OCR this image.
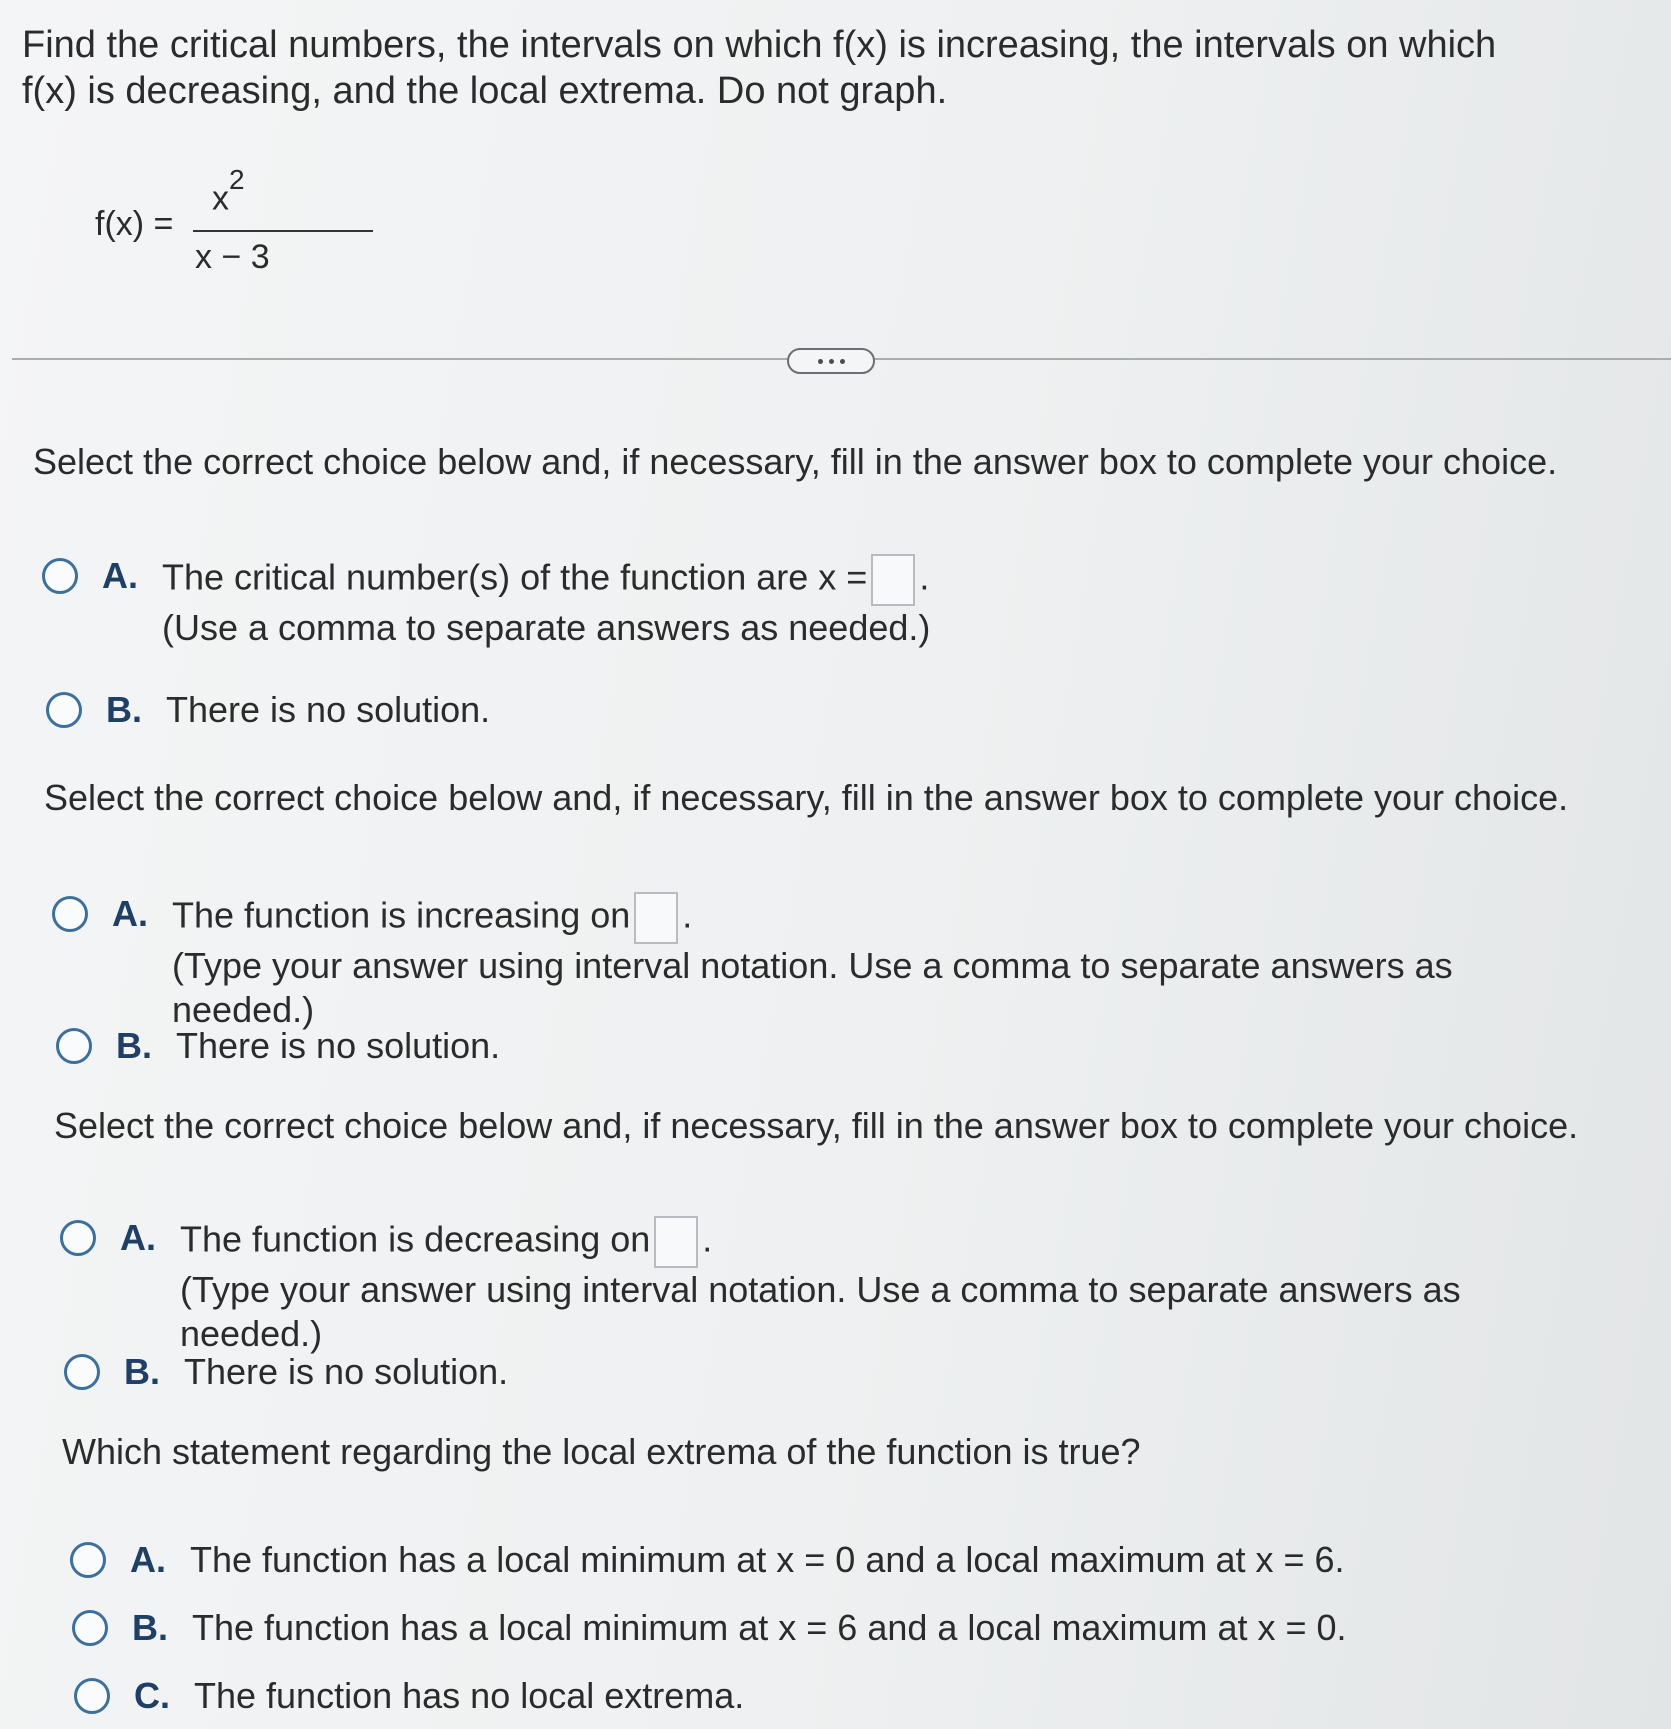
Find the critical numbers, the intervals on which f(x) is increasing, the intervals on which f(x) is decreasing, and the local extrema. Do not graph.
f(x) =
$x^2$
x − 3
Select the correct choice below and, if necessary, fill in the answer box to complete your choice.
A. The critical number(s) of the function are x = .
(Use a comma to separate answers as needed.)
B. There is no solution.
Select the correct choice below and, if necessary, fill in the answer box to complete your choice.
A. The function is increasing on .
(Type your answer using interval notation. Use a comma to separate answers as needed.)
B. There is no solution.
Select the correct choice below and, if necessary, fill in the answer box to complete your choice.
A. The function is decreasing on .
(Type your answer using interval notation. Use a comma to separate answers as needed.)
B. There is no solution.
Which statement regarding the local extrema of the function is true?
A. The function has a local minimum at x = 0 and a local maximum at x = 6.
B. The function has a local minimum at x = 6 and a local maximum at x = 0.
C. The function has no local extrema.
